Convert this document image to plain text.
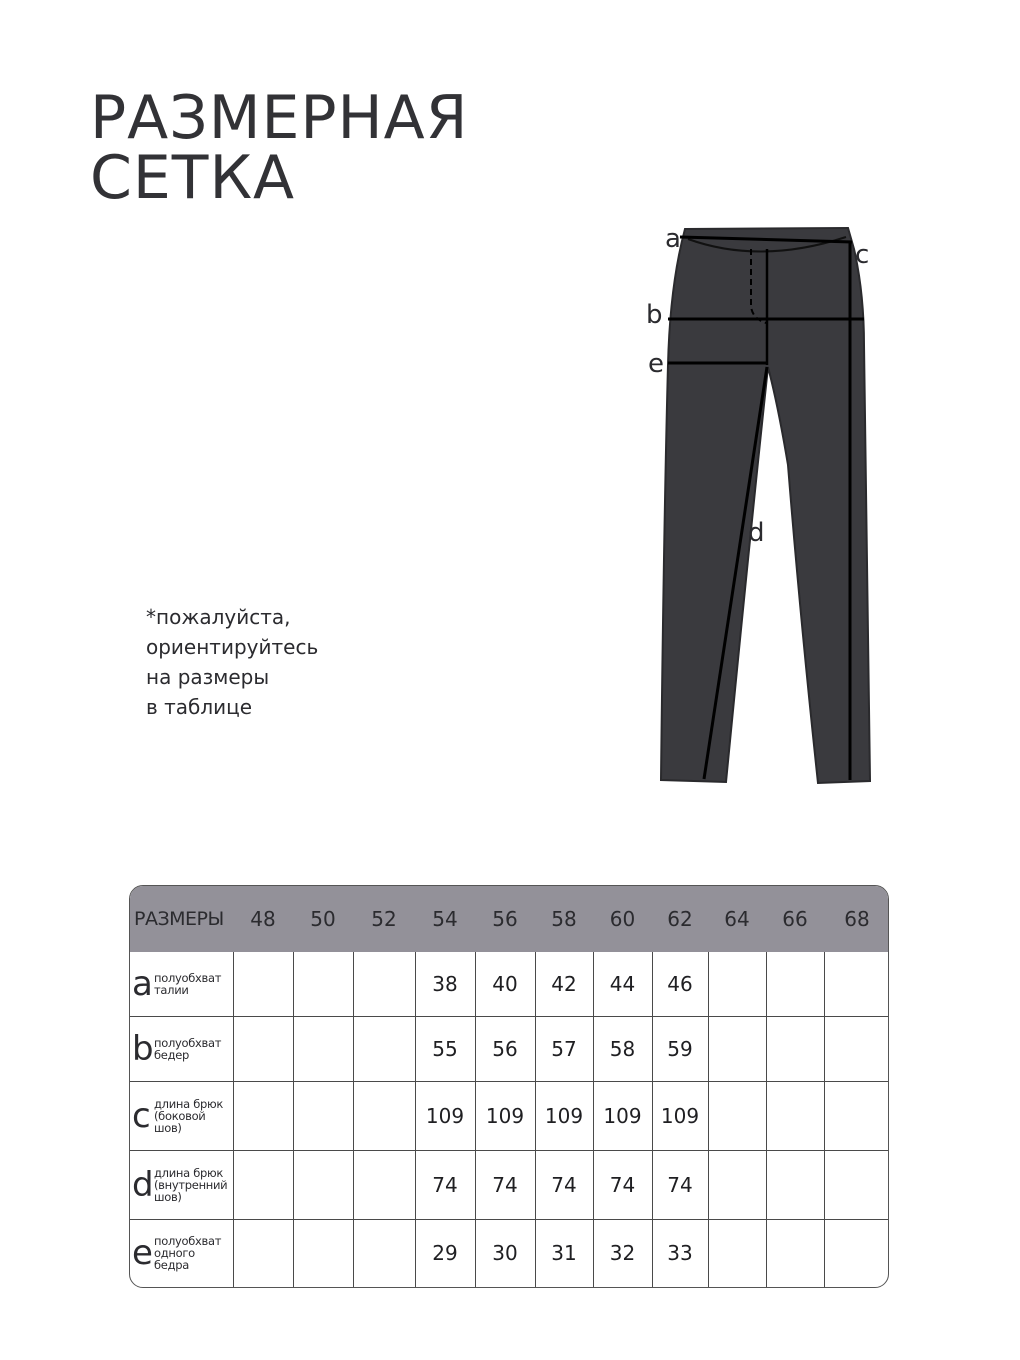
РАЗМЕРНАЯ
СЕТКА
*пожалуйста,
ориентируйтесь
на размеры
в таблице
a
c
b
e
d
РАЗМЕРЫ	48	50	52	54	56	58	60	62	64	66	68

a полуобхват
талии				38	40	42	44	46			

b полуобхват
бедер				55	56	57	58	59			

c длина брюк
(боковой
шов)				109	109	109	109	109			

d длина брюк
(внутренний
шов)				74	74	74	74	74			

e полуобхват
одного
бедра				29	30	31	32	33			
